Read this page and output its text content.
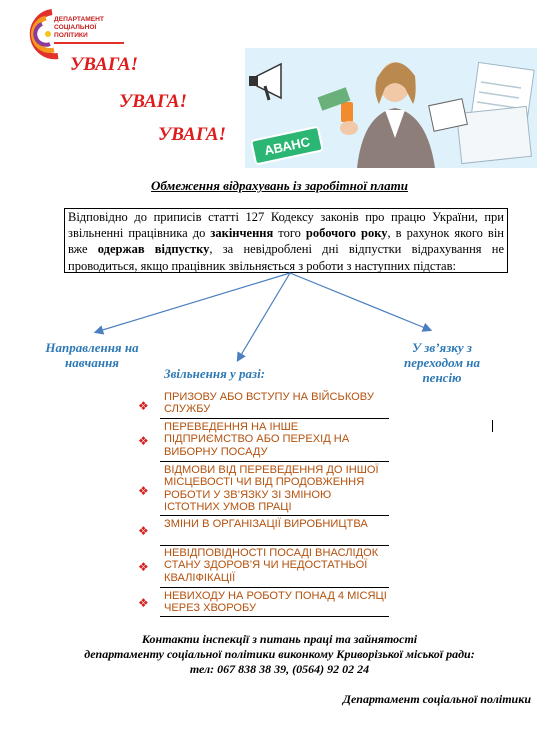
ДЕПАРТАМЕНТ
СОЦІАЛЬНОЇ
ПОЛІТИКИ
УВАГА!
УВАГА!
УВАГА!	АВАНС
Обмеження відрахувань із заробітної плати
Відповідно до приписів статті 127 Кодексу законів про працю України, при звільненні працівника до закінчення того робочого року, в рахунок якого він вже одержав відпустку, за невідроблені дні відпустки відрахування не проводиться, якщо працівник звільняється з роботи з наступних підстав:
Направлення на навчання
Звільнення у разі:
У зв’язку з переходом на пенсію
❖
ПРИЗОВУ АБО ВСТУПУ НА ВІЙСЬКОВУ СЛУЖБУ
❖
ПЕРЕВЕДЕННЯ НА ІНШЕ ПІДПРИЄМСТВО АБО ПЕРЕХІД НА ВИБОРНУ ПОСАДУ
❖
ВІДМОВИ ВІД ПЕРЕВЕДЕННЯ ДО ІНШОЇ МІСЦЕВОСТІ ЧИ ВІД ПРОДОВЖЕННЯ РОБОТИ У ЗВ’ЯЗКУ ЗІ ЗМІНОЮ ІСТОТНИХ УМОВ ПРАЦІ
❖ ЗМІНИ В ОРГАНІЗАЦІЇ ВИРОБНИЦТВА
❖
НЕВІДПОВІДНОСТІ ПОСАДІ ВНАСЛІДОК СТАНУ ЗДОРОВ’Я ЧИ НЕДОСТАТНЬОЇ КВАЛІФІКАЦІЇ
❖ НЕВИХОДУ НА РОБОТУ ПОНАД 4 МІСЯЦІ ЧЕРЕЗ ХВОРОБУ
Контакти інспекції з питань праці та зайнятості
департаменту соціальної політики виконкому Криворізької міської ради:
тел: 067 838 38 39, (0564) 92 02 24
Департамент соціальної політики
